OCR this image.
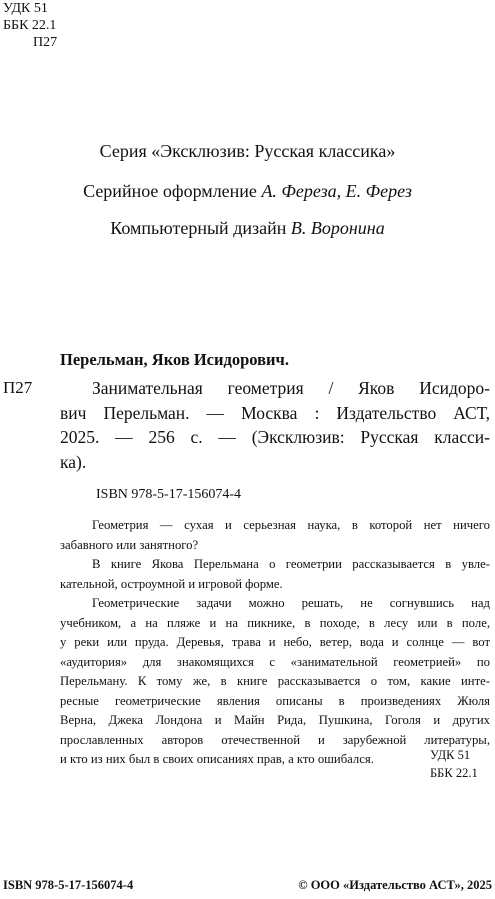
УДК 51
ББК 22.1
П27
Серия «Эксклюзив: Русская классика»
Серийное оформление А. Фереза, Е. Ферез
Компьютерный дизайн В. Воронина
Перельман, Яков Исидорович.
П27	Занимательная геометрия / Яков Исидоро-
вич Перельман. — Москва : Издательство АСТ,
2025. — 256 с. — (Эксклюзив: Русская класси-
ка).
ISBN 978-5-17-156074-4
Геометрия — сухая и серьезная наука, в которой нет ничего
забавного или занятного?
В книге Якова Перельмана о геометрии рассказывается в увле-
кательной, остроумной и игровой форме.
Геометрические задачи можно решать, не согнувшись над
учебником, а на пляже и на пикнике, в походе, в лесу или в поле,
у реки или пруда. Деревья, трава и небо, ветер, вода и солнце — вот
«аудитория» для знакомящихся с «занимательной геометрией» по
Перельману. К тому же, в книге рассказывается о том, какие инте-
ресные геометрические явления описаны в произведениях Жюля
Верна, Джека Лондона и Майн Рида, Пушкина, Гоголя и других
прославленных авторов отечественной и зарубежной литературы,
и кто из них был в своих описаниях прав, а кто ошибался.	УДК 51
ББК 22.1
ISBN 978-5-17-156074-4	© ООО «Издательство АСТ», 2025
